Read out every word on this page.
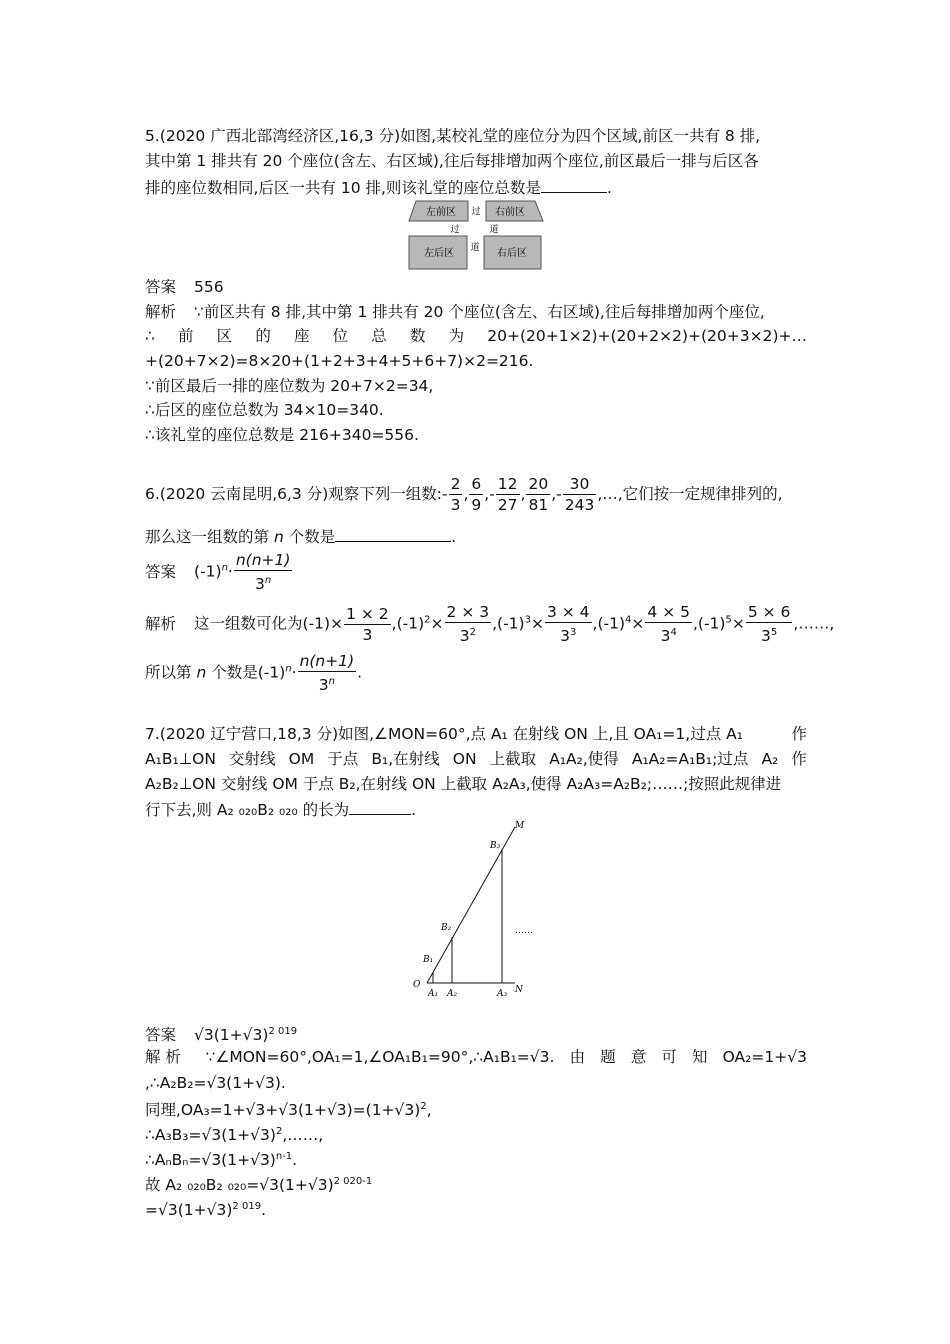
5.(2020 广西北部湾经济区,16,3 分)如图,某校礼堂的座位分为四个区域,前区一共有 8 排,
其中第 1 排共有 20 个座位(含左、右区域),往后每排增加两个座位,前区最后一排与后区各
排的座位数相同,后区一共有 10 排,则该礼堂的座位总数是	.
左前区	右前区
左后区	右后区
过
过	道
道
答案 556
解析 ∵前区共有 8 排,其中第 1 排共有 20 个座位(含左、右区域),往后每排增加两个座位,
∴ 前 区 的 座 位 总 数 为 20+(20+1×2)+(20+2×2)+(20+3×2)+…
+(20+7×2)=8×20+(1+2+3+4+5+6+7)×2=216.
∵前区最后一排的座位数为 20+7×2=34,
∴后区的座位总数为 34×10=340.
∴该礼堂的座位总数是 216+340=556.
6.(2020 云南昆明,6,3 分)观察下列一组数:- $\frac{2}{3}$ , $\frac{6}{9}$ ,- $\frac{12}{27}$ , $\frac{20}{81}$ ,- $\frac{30}{243}$ ,…,它们按一定规律排列的,
那么这一组数的第 n 个数是	.
答案 $(-1)^n\cdot \frac{n(n+1)}{3^n}$
解析 这一组数可化为$(-1)\times \frac{1 \times 2}{3} ,(-1)^2\times \frac{2 \times 3}{3^2} ,(-1)^3\times \frac{3 \times 4}{3^3} ,(-1)^4\times \frac{4 \times 5}{3^4} ,(-1)^5\times \frac{5 \times 6}{3^5}$ ,……,
所以第 n 个数是$(-1)^n\cdot \frac{n(n+1)}{3^n}$ .
7.(2020 辽宁营口,18,3 分)如图,∠MON=60°,点 A₁ 在射线 ON 上,且 OA₁=1,过点 A₁	作
A₁B₁⊥ON 交射线 OM 于点 B₁,在射线 ON 上截取 A₁A₂,使得 A₁A₂=A₁B₁;过点 A₂ 作
A₂B₂⊥ON 交射线 OM 于点 B₂,在射线 ON 上截取 A₂A₃,使得 A₂A₃=A₂B₂;……;按照此规律进
行下去,则 A₂ ₀₂₀B₂ ₀₂₀ 的长为	.
M
O	N
B₁
B₂
B₃
A₁ A₂	A₃
……
答案 $√3(1+√3)^{2 019}$
解 析 ∵∠MON=60°,OA₁=1,∠OA₁B₁=90°,∴A₁B₁=√3. 由 题 意 可 知 OA₂=1+√3
,∴A₂B₂=√3(1+√3).
同理$,OA_3=1+√3+√3(1+√3)=(1+√3)^2$,
$\therefore A_3B_3=√3(1+√3)^2,\dots\dots$,
$\therefore A_nB_n=√3(1+√3)^{n-1}$.
故 A₂ ₀₂₀B₂ $_{020}=√3(1+√3)^{2 020-1}$
$=√3(1+√3)^{2 019}$.
